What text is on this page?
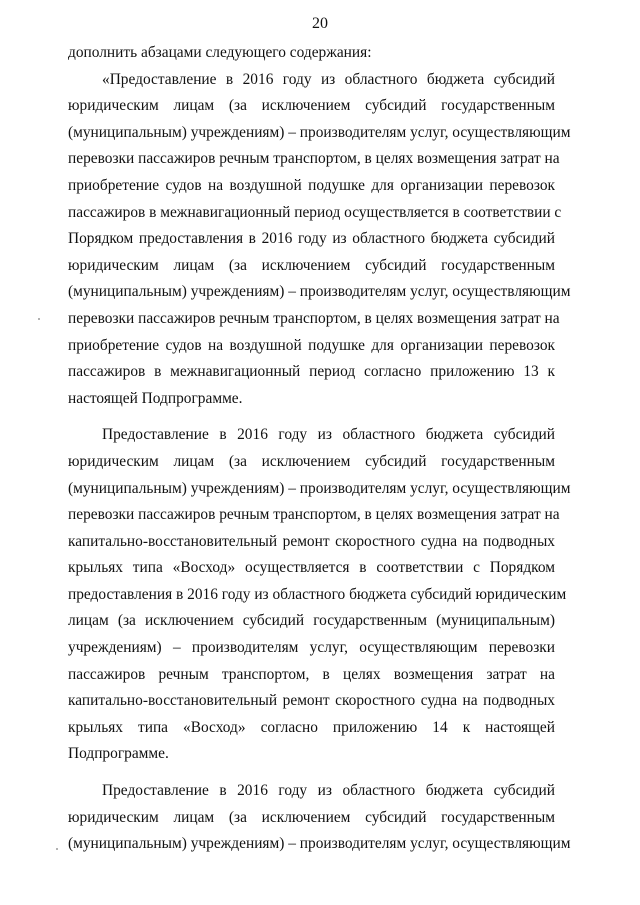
20
дополнить абзацами следующего содержания:
«Предоставление в 2016 году из областного бюджета субсидий
юридическим лицам (за исключением субсидий государственным
(муниципальным) учреждениям) – производителям услуг, осуществляющим
перевозки пассажиров речным транспортом, в целях возмещения затрат на
приобретение судов на воздушной подушке для организации перевозок
пассажиров в межнавигационный период осуществляется в соответствии с
Порядком предоставления в 2016 году из областного бюджета субсидий
юридическим лицам (за исключением субсидий государственным
(муниципальным) учреждениям) – производителям услуг, осуществляющим
перевозки пассажиров речным транспортом, в целях возмещения затрат на
приобретение судов на воздушной подушке для организации перевозок
пассажиров в межнавигационный период согласно приложению 13 к
настоящей Подпрограмме.
Предоставление в 2016 году из областного бюджета субсидий
юридическим лицам (за исключением субсидий государственным
(муниципальным) учреждениям) – производителям услуг, осуществляющим
перевозки пассажиров речным транспортом, в целях возмещения затрат на
капитально-восстановительный ремонт скоростного судна на подводных
крыльях типа «Восход» осуществляется в соответствии с Порядком
предоставления в 2016 году из областного бюджета субсидий юридическим
лицам (за исключением субсидий государственным (муниципальным)
учреждениям) – производителям услуг, осуществляющим перевозки
пассажиров речным транспортом, в целях возмещения затрат на
капитально-восстановительный ремонт скоростного судна на подводных
крыльях типа «Восход» согласно приложению 14 к настоящей
Подпрограмме.
Предоставление в 2016 году из областного бюджета субсидий
юридическим лицам (за исключением субсидий государственным
(муниципальным) учреждениям) – производителям услуг, осуществляющим
